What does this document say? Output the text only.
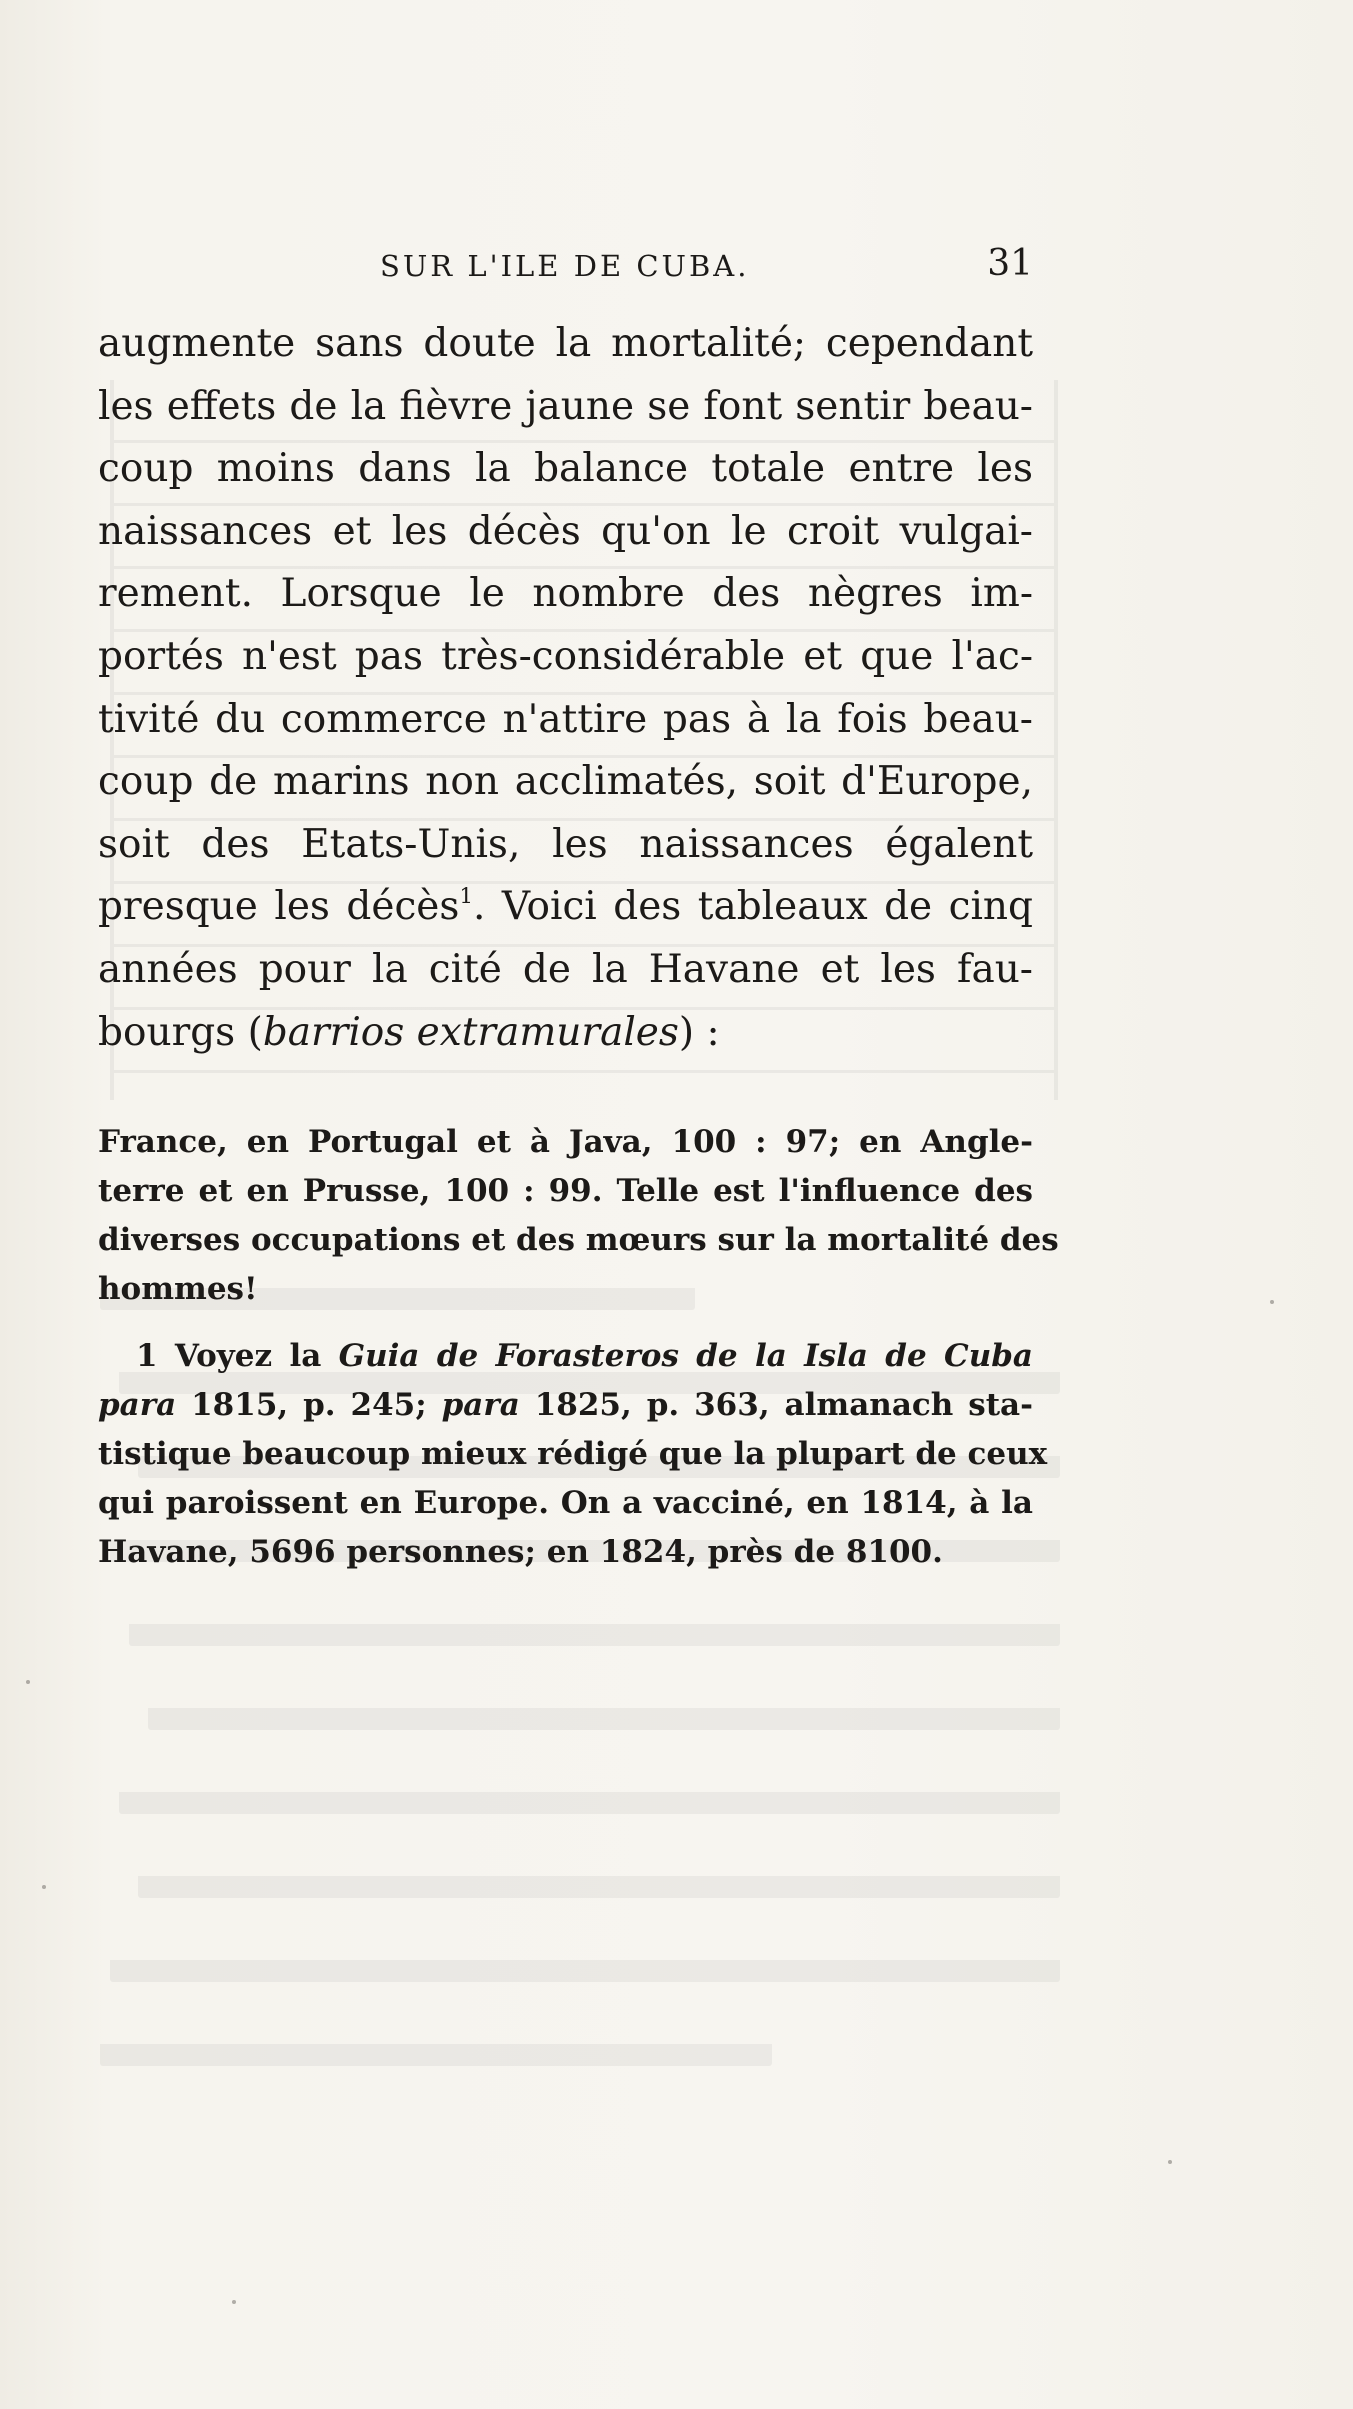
SUR L'ILE DE CUBA.	31
augmente sans doute la mortalité; cependant
les effets de la fièvre jaune se font sentir beau-
coup moins dans la balance totale entre les
naissances et les décès qu'on le croit vulgai-
rement. Lorsque le nombre des nègres im-
portés n'est pas très-considérable et que l'ac-
tivité du commerce n'attire pas à la fois beau-
coup de marins non acclimatés, soit d'Europe,
soit des Etats-Unis, les naissances égalent
presque les décès$^1$. Voici des tableaux de cinq
années pour la cité de la Havane et les fau-
bourgs (barrios extramurales) :
France, en Portugal et à Java, 100 : 97; en Angle-
terre et en Prusse, 100 : 99. Telle est l'influence des
diverses occupations et des mœurs sur la mortalité des
hommes!
1 Voyez la Guia de Forasteros de la Isla de Cuba
para 1815, p. 245; para 1825, p. 363, almanach sta-
tistique beaucoup mieux rédigé que la plupart de ceux
qui paroissent en Europe. On a vacciné, en 1814, à la
Havane, 5696 personnes; en 1824, près de 8100.
